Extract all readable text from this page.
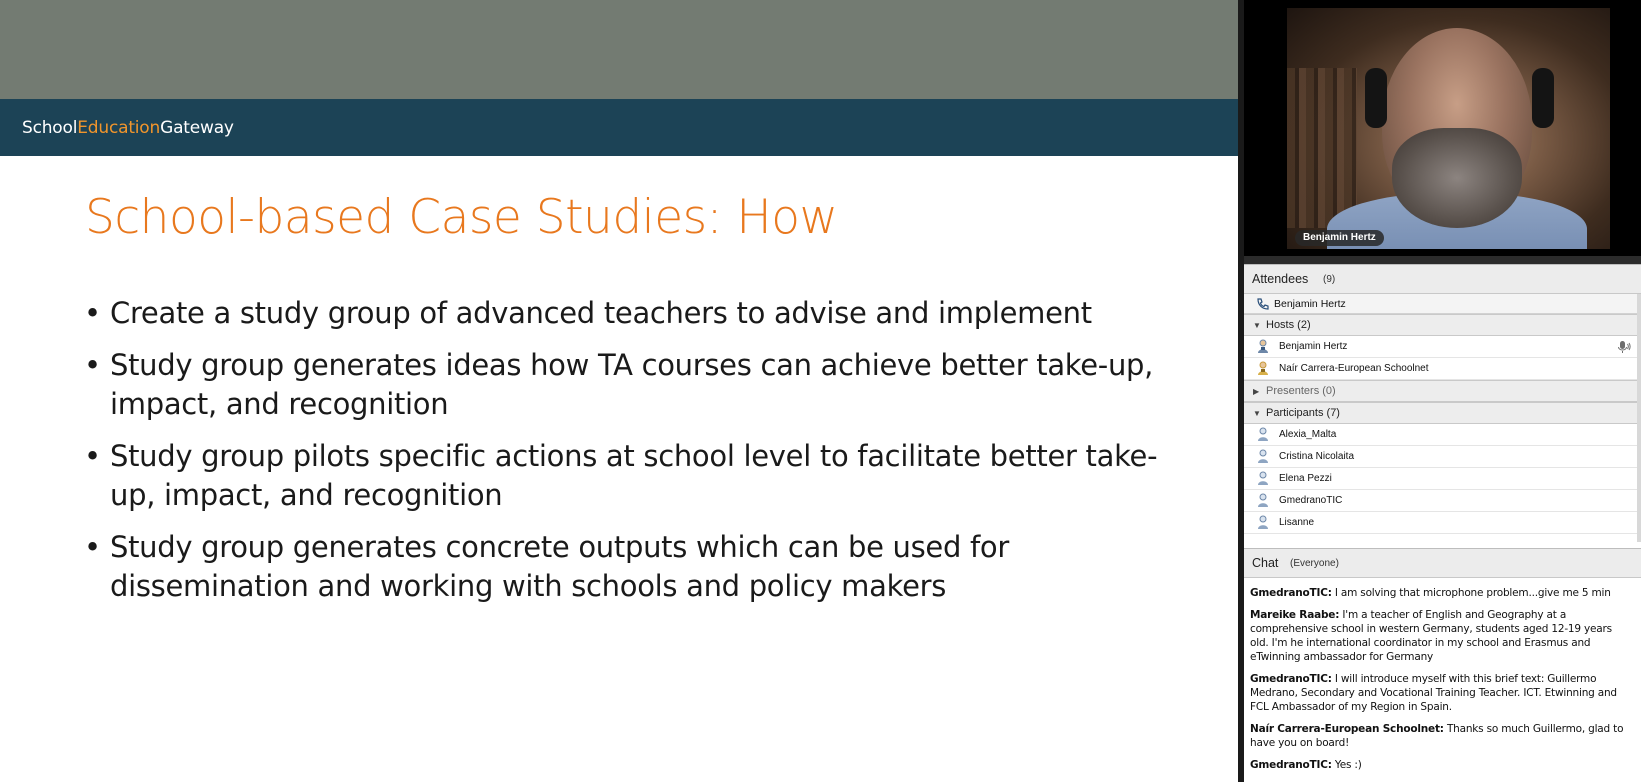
SchoolEducationGateway
School-based Case Studies: How
• Create a study group of advanced teachers to advise and implement
• Study group generates ideas how TA courses can achieve better take-up, impact, and recognition
• Study group pilots specific actions at school level to facilitate better take-up, impact, and recognition
• Study group generates concrete outputs which can be used for dissemination and working with schools and policy makers
Benjamin Hertz
Attendees (9)
Benjamin Hertz
▼ Hosts (2)
Benjamin Hertz
Naír Carrera-European Schoolnet
▶ Presenters (0)
▼ Participants (7)
Alexia_Malta
Cristina Nicolaita
Elena Pezzi
GmedranoTIC
Lisanne
Chat (Everyone)
GmedranoTIC: I am solving that microphone problem...give me 5 min
Mareike Raabe: I'm a teacher of English and Geography at a comprehensive school in western Germany, students aged 12-19 years old. I'm he international coordinator in my school and Erasmus and eTwinning ambassador for Germany
GmedranoTIC: I will introduce myself with this brief text: Guillermo Medrano, Secondary and Vocational Training Teacher. ICT. Etwinning and FCL Ambassador of my Region in Spain.
Naír Carrera-European Schoolnet: Thanks so much Guillermo, glad to have you on board!
GmedranoTIC: Yes :)
